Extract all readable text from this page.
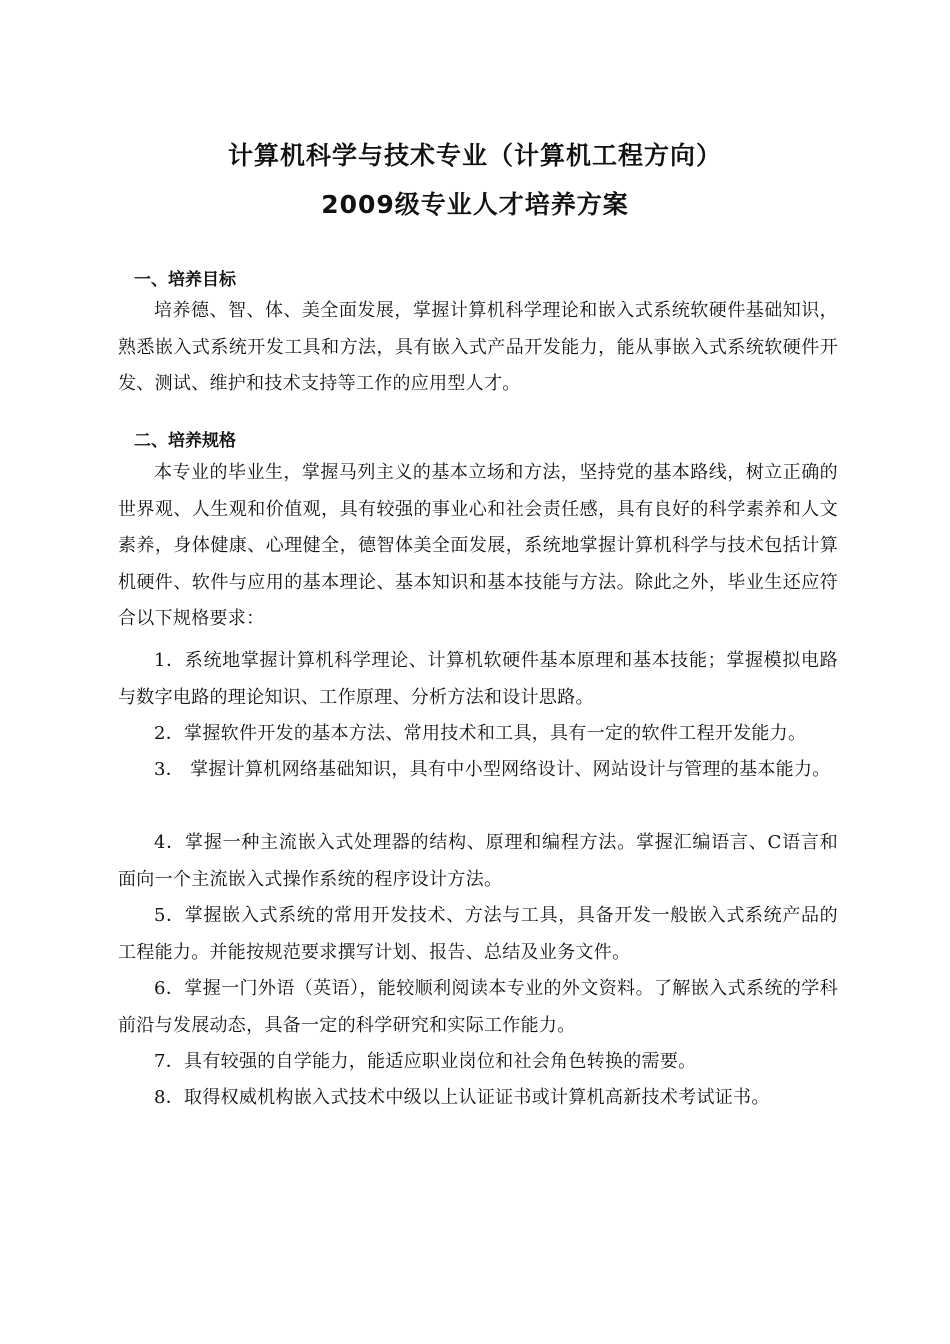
计算机科学与技术专业（计算机工程方向）
2009级专业人才培养方案
一、培养目标

培养德、智、体、美全面发展，掌握计算机科学理论和嵌入式系统软硬件基础知识，熟悉嵌入式系统开发工具和方法，具有嵌入式产品开发能力，能从事嵌入式系统软硬件开发、测试、维护和技术支持等工作的应用型人才。

二、培养规格

本专业的毕业生，掌握马列主义的基本立场和方法，坚持党的基本路线，树立正确的世界观、人生观和价值观，具有较强的事业心和社会责任感，具有良好的科学素养和人文素养，身体健康、心理健全，德智体美全面发展，系统地掌握计算机科学与技术包括计算机硬件、软件与应用的基本理论、基本知识和基本技能与方法。除此之外，毕业生还应符合以下规格要求：

1．系统地掌握计算机科学理论、计算机软硬件基本原理和基本技能；掌握模拟电路与数字电路的理论知识、工作原理、分析方法和设计思路。

2．掌握软件开发的基本方法、常用技术和工具，具有一定的软件工程开发能力。

3． 掌握计算机网络基础知识，具有中小型网络设计、网站设计与管理的基本能力。

4．掌握一种主流嵌入式处理器的结构、原理和编程方法。掌握汇编语言、C语言和面向一个主流嵌入式操作系统的程序设计方法。

5．掌握嵌入式系统的常用开发技术、方法与工具，具备开发一般嵌入式系统产品的工程能力。并能按规范要求撰写计划、报告、总结及业务文件。

6．掌握一门外语（英语），能较顺利阅读本专业的外文资料。了解嵌入式系统的学科前沿与发展动态，具备一定的科学研究和实际工作能力。

7．具有较强的自学能力，能适应职业岗位和社会角色转换的需要。

8．取得权威机构嵌入式技术中级以上认证证书或计算机高新技术考试证书。
